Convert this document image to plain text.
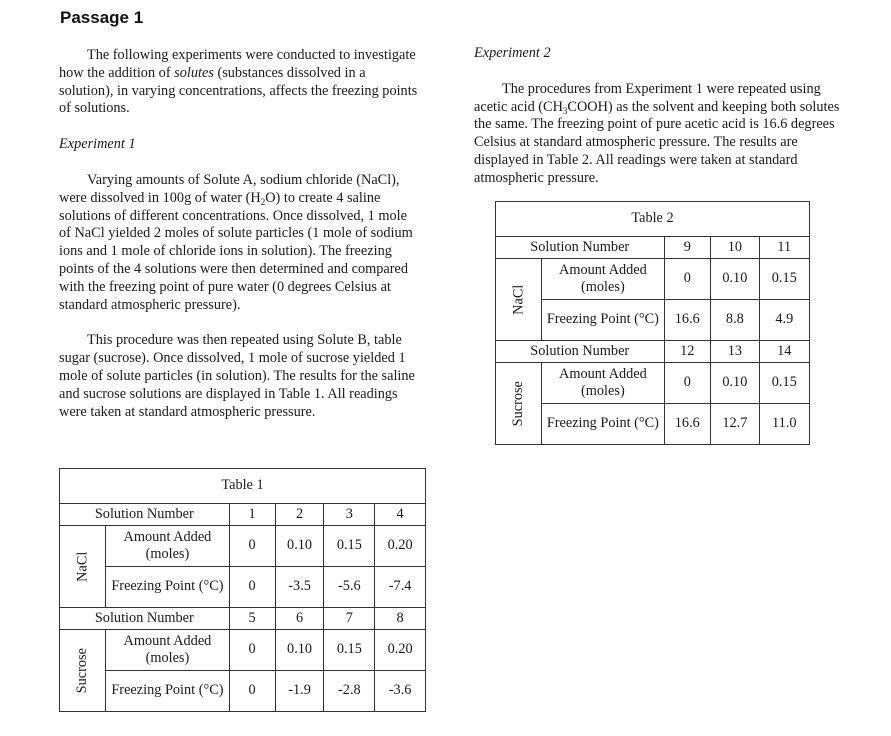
Passage 1

The following experiments were conducted to investigate how the addition of solutes (substances dissolved in a solution), in varying concentrations, affects the freezing points of solutions.

Experiment 1

Varying amounts of Solute A, sodium chloride (NaCl), were dissolved in 100g of water $(H_2O)$ to create 4 saline solutions of different concentrations. Once dissolved, 1 mole of NaCl yielded 2 moles of solute particles (1 mole of sodium ions and 1 mole of chloride ions in solution). The freezing points of the 4 solutions were then determined and compared with the freezing point of pure water (0 degrees Celsius at standard atmospheric pressure).

This procedure was then repeated using Solute B, table sugar (sucrose). Once dissolved, 1 mole of sucrose yielded 1 mole of solute particles (in solution). The results for the saline and sucrose solutions are displayed in Table 1. All readings were taken at standard atmospheric pressure.

Experiment 2

The procedures from Experiment 1 were repeated using acetic acid $(CH_3COOH)$ as the solvent and keeping both solutes the same. The freezing point of pure acetic acid is 16.6 degrees Celsius at standard atmospheric pressure. The results are displayed in Table 2. All readings were taken at standard atmospheric pressure.

Table 1					
Solution Number		1	2	3	4
NaCl	Amount Added (moles)	0	0.10	0.15	0.20
	Freezing Point (°C)	0	-3.5	-5.6	-7.4
Solution Number		5	6	7	8
Sucrose	Amount Added (moles)	0	0.10	0.15	0.20
	Freezing Point (°C)	0	-1.9	-2.8	-3.6
Table 2				
Solution Number		9	10	11
NaCl	Amount Added (moles)	0	0.10	0.15
	Freezing Point (°C)	16.6	8.8	4.9
Solution Number		12	13	14
Sucrose	Amount Added (moles)	0	0.10	0.15
	Freezing Point (°C)	16.6	12.7	11.0
